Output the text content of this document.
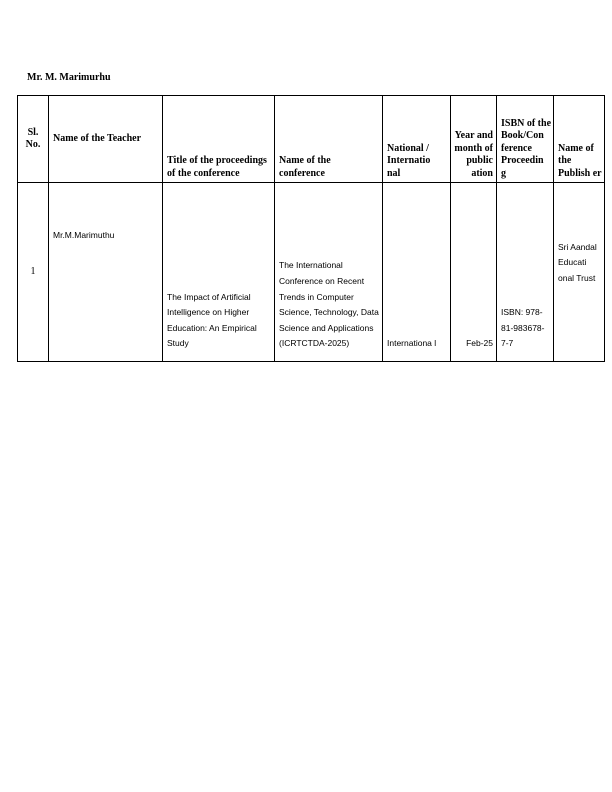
Mr. M. Marimurhu
Sl. No.	Name of the Teacher	Title of the proceedings of the conference	Name of the conference	National / Internatio nal	Year and month of public ation	ISBN of the Book/Con ference Proceedin g	Name of the Publish er
1	Mr.M.Marimuthu	The Impact of Artificial Intelligence on Higher Education: An Empirical Study	The International Conference on Recent Trends in Computer Science, Technology, Data Science and Applications (ICRTCTDA-2025)	Internationa l	Feb-25	ISBN: 978-81-983678-7-7	Sri Aandal Educati onal Trust
